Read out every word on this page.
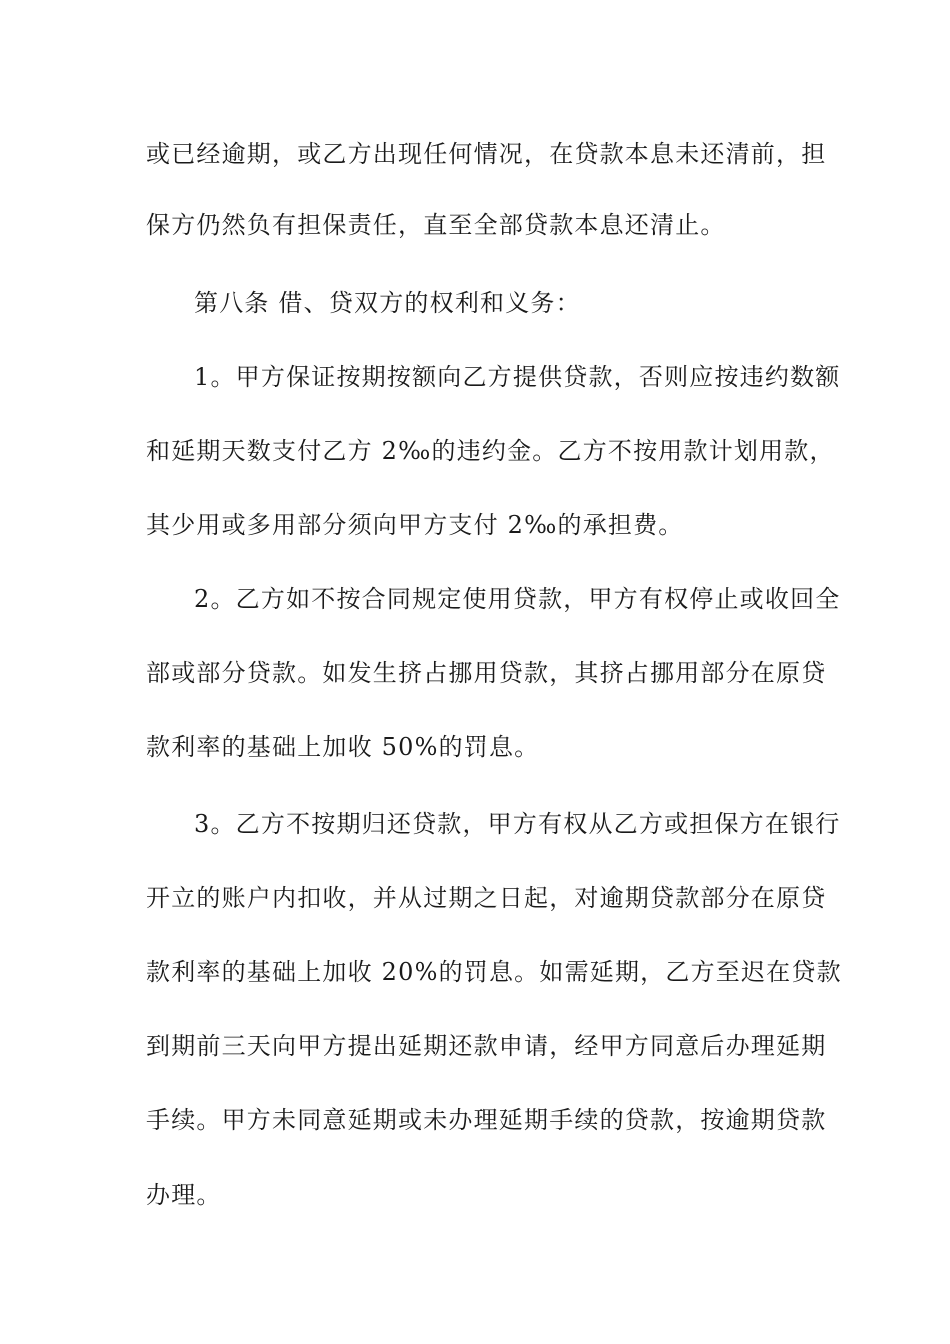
或已经逾期，或乙方出现任何情况，在贷款本息未还清前，担
保方仍然负有担保责任，直至全部贷款本息还清止。
第八条 借、贷双方的权利和义务：
1。甲方保证按期按额向乙方提供贷款，否则应按违约数额
和延期天数支付乙方 2‰的违约金。乙方不按用款计划用款，
其少用或多用部分须向甲方支付 2‰的承担费。
2。乙方如不按合同规定使用贷款，甲方有权停止或收回全
部或部分贷款。如发生挤占挪用贷款，其挤占挪用部分在原贷
款利率的基础上加收 50%的罚息。
3。乙方不按期归还贷款，甲方有权从乙方或担保方在银行
开立的账户内扣收，并从过期之日起，对逾期贷款部分在原贷
款利率的基础上加收 20%的罚息。如需延期，乙方至迟在贷款
到期前三天向甲方提出延期还款申请，经甲方同意后办理延期
手续。甲方未同意延期或未办理延期手续的贷款，按逾期贷款
办理。
